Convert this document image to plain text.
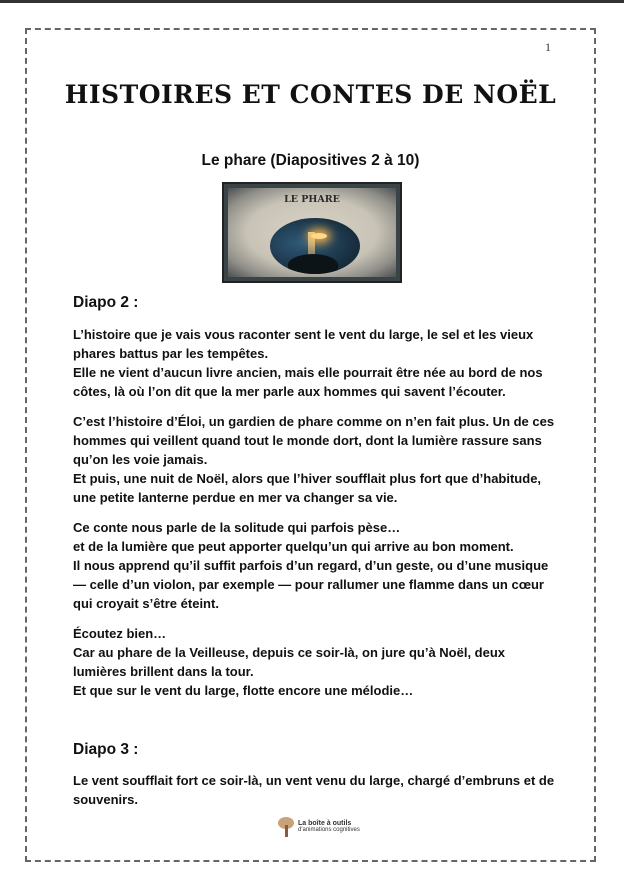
1
HISTOIRES ET CONTES DE NOËL
Le phare (Diapositives 2 à 10)
LE PHARE
Diapo 2 :
L’histoire que je vais vous raconter sent le vent du large, le sel et les vieux
phares battus par les tempêtes.
Elle ne vient d’aucun livre ancien, mais elle pourrait être née au bord de nos
côtes, là où l’on dit que la mer parle aux hommes qui savent l’écouter.
C’est l’histoire d’Éloi, un gardien de phare comme on n’en fait plus. Un de ces
hommes qui veillent quand tout le monde dort, dont la lumière rassure sans
qu’on les voie jamais.
Et puis, une nuit de Noël, alors que l’hiver soufflait plus fort que d’habitude,
une petite lanterne perdue en mer va changer sa vie.
Ce conte nous parle de la solitude qui parfois pèse…
et de la lumière que peut apporter quelqu’un qui arrive au bon moment.
Il nous apprend qu’il suffit parfois d’un regard, d’un geste, ou d’une musique
— celle d’un violon, par exemple — pour rallumer une flamme dans un cœur
qui croyait s’être éteint.
Écoutez bien…
Car au phare de la Veilleuse, depuis ce soir-là, on jure qu’à Noël, deux
lumières brillent dans la tour.
Et que sur le vent du large, flotte encore une mélodie…
Diapo 3 :
Le vent soufflait fort ce soir-là, un vent venu du large, chargé d’embruns et de
souvenirs.
La boîte à outils
d'animations cognitives
